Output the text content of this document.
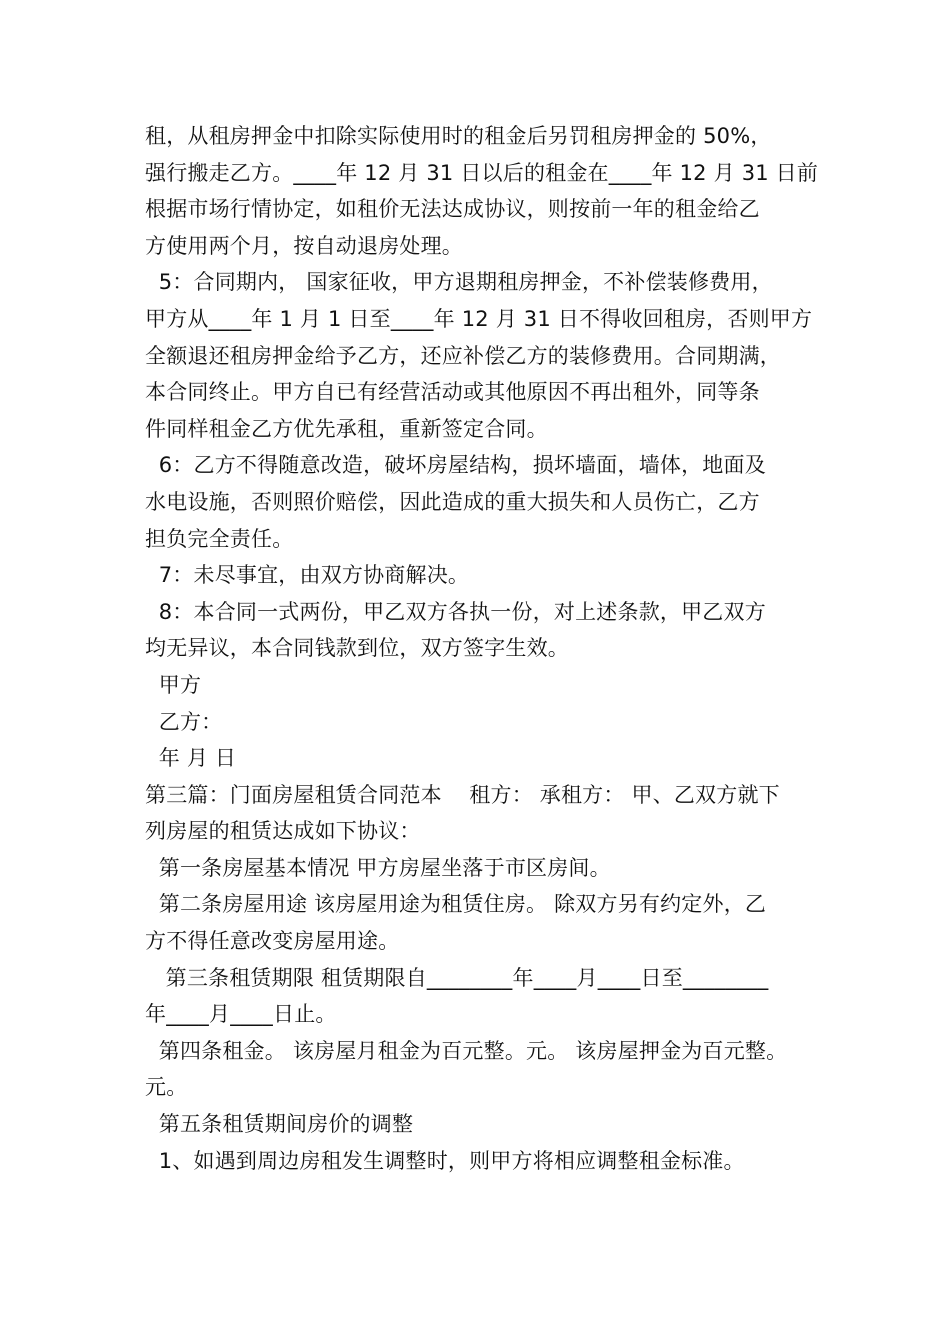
租，从租房押金中扣除实际使用时的租金后另罚租房押金的 50%，
强行搬走乙方。____年 12 月 31 日以后的租金在____年 12 月 31 日前
根据市场行情协定，如租价无法达成协议，则按前一年的租金给乙
方使用两个月，按自动退房处理。
5：合同期内， 国家征收，甲方退期租房押金，不补偿装修费用，
甲方从____年 1 月 1 日至____年 12 月 31 日不得收回租房，否则甲方
全额退还租房押金给予乙方，还应补偿乙方的装修费用。合同期满，
本合同终止。甲方自已有经营活动或其他原因不再出租外，同等条
件同样租金乙方优先承租，重新签定合同。
6：乙方不得随意改造，破坏房屋结构，损坏墙面，墙体，地面及
水电设施，否则照价赔偿，因此造成的重大损失和人员伤亡，乙方
担负完全责任。
7：未尽事宜，由双方协商解决。
8：本合同一式两份，甲乙双方各执一份，对上述条款，甲乙双方
均无异议，本合同钱款到位，双方签字生效。
甲方
乙方：
年 月 日
第三篇：门面房屋租赁合同范本    租方： 承租方： 甲、乙双方就下
列房屋的租赁达成如下协议：
第一条房屋基本情况 甲方房屋坐落于市区房间。
第二条房屋用途 该房屋用途为租赁住房。 除双方另有约定外，乙
方不得任意改变房屋用途。
第三条租赁期限 租赁期限自________年____月____日至________
年____月____日止。
第四条租金。 该房屋月租金为百元整。元。 该房屋押金为百元整。
元。
第五条租赁期间房价的调整
1、如遇到周边房租发生调整时，则甲方将相应调整租金标准。
